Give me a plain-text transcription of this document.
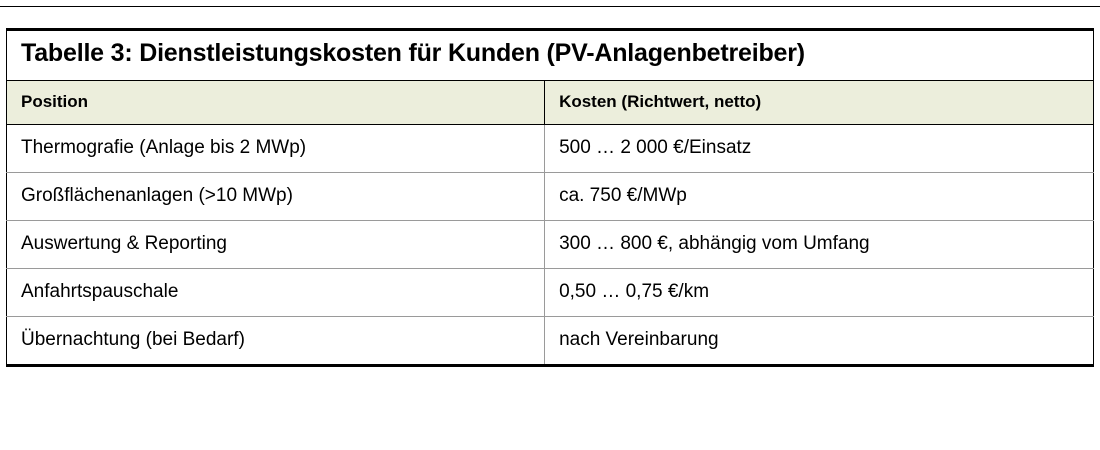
Tabelle 3: Dienstleistungskosten für Kunden (PV-Anlagenbetreiber)	
Position	Kosten (Richtwert, netto)
Thermografie (Anlage bis 2 MWp)	500 … 2 000 €/Einsatz
Großflächenanlagen (>10 MWp)	ca. 750 €/MWp
Auswertung & Reporting	300 … 800 €, abhängig vom Umfang
Anfahrtspauschale	0,50 … 0,75 €/km
Übernachtung (bei Bedarf)	nach Vereinbarung
